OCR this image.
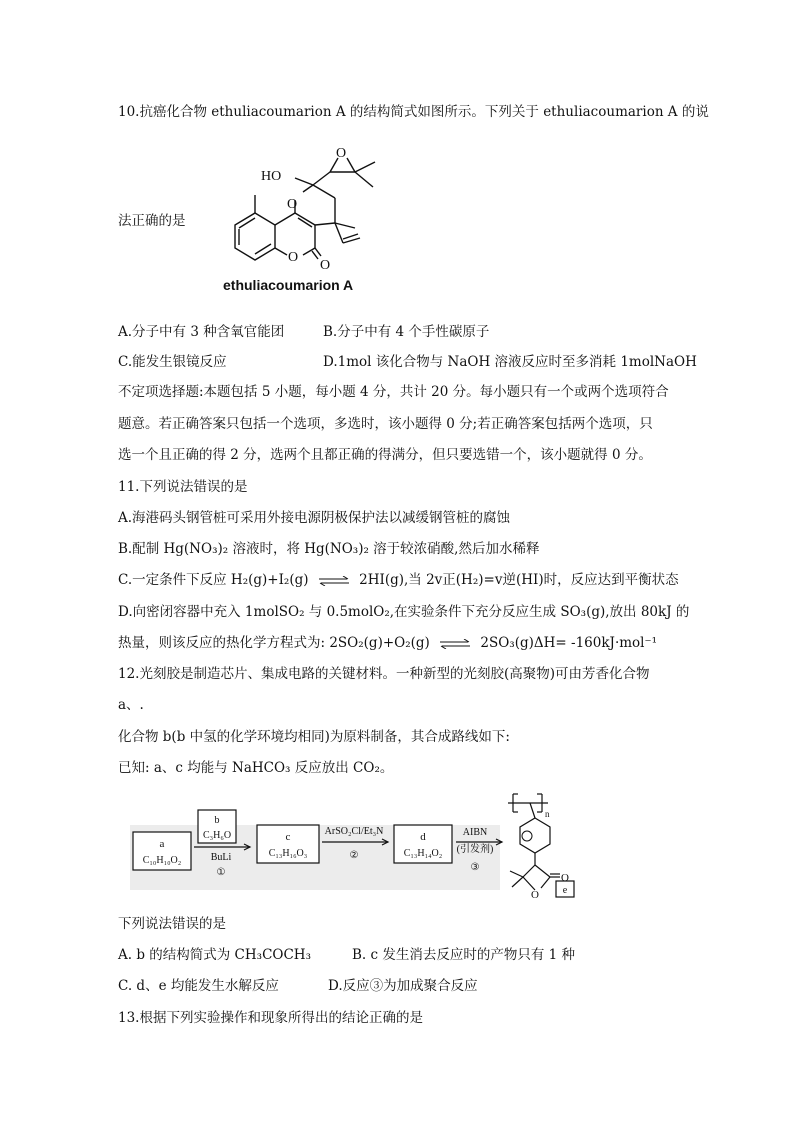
10.抗癌化合物 ethuliacoumarion A 的结构简式如图所示。下列关于 ethuliacoumarion A 的说
HO
O
O
O
O
ethuliacoumarion A
法正确的是
A.分子中有 3 种含氧官能团	B.分子中有 4 个手性碳原子
C.能发生银镜反应	D.1mol 该化合物与 NaOH 溶液反应时至多消耗 1molNaOH
不定项选择题:本题包括 5 小题，每小题 4 分，共计 20 分。每小题只有一个或两个选项符合
题意。若正确答案只包括一个选项，多选时，该小题得 0 分;若正确答案包括两个选项，只
选一个且正确的得 2 分，选两个且都正确的得满分，但只要选错一个，该小题就得 0 分。
11.下列说法错误的是
A.海港码头钢管桩可采用外接电源阴极保护法以减缓钢管桩的腐蚀
B.配制 Hg(NO₃)₂ 溶液时，将 Hg(NO₃)₂ 溶于较浓硝酸,然后加水稀释
C.一定条件下反应 H₂(g)+I₂(g) ⇌ 2HI(g),当 2v正(H₂)=v逆(HI)时，反应达到平衡状态
D.向密闭容器中充入 1molSO₂ 与 0.5molO₂,在实验条件下充分反应生成 SO₃(g),放出 80kJ 的
热量，则该反应的热化学方程式为: 2SO₂(g)+O₂(g) ⇌ 2SO₃(g)ΔH= -160kJ·mol⁻¹
12.光刻胶是制造芯片、集成电路的关键材料。一种新型的光刻胶(高聚物)可由芳香化合物
a、.
化合物 b(b 中氢的化学环境均相同)为原料制备，其合成路线如下:
已知: a、c 均能与 NaHCO₃ 反应放出 CO₂。
a
C₁₀H₁₀O₂
b
C₃H₆O
BuLi
①
c
C₁₃H₁₆O₃
ArSO₂Cl/Et₃N
②
d
C₁₃H₁₄O₂
AIBN
(引发剂)
③
n
O
O
e
下列说法错误的是
A. b 的结构简式为 CH₃COCH₃	B. c 发生消去反应时的产物只有 1 种
C. d、e 均能发生水解反应	D.反应③为加成聚合反应
13.根据下列实验操作和现象所得出的结论正确的是
